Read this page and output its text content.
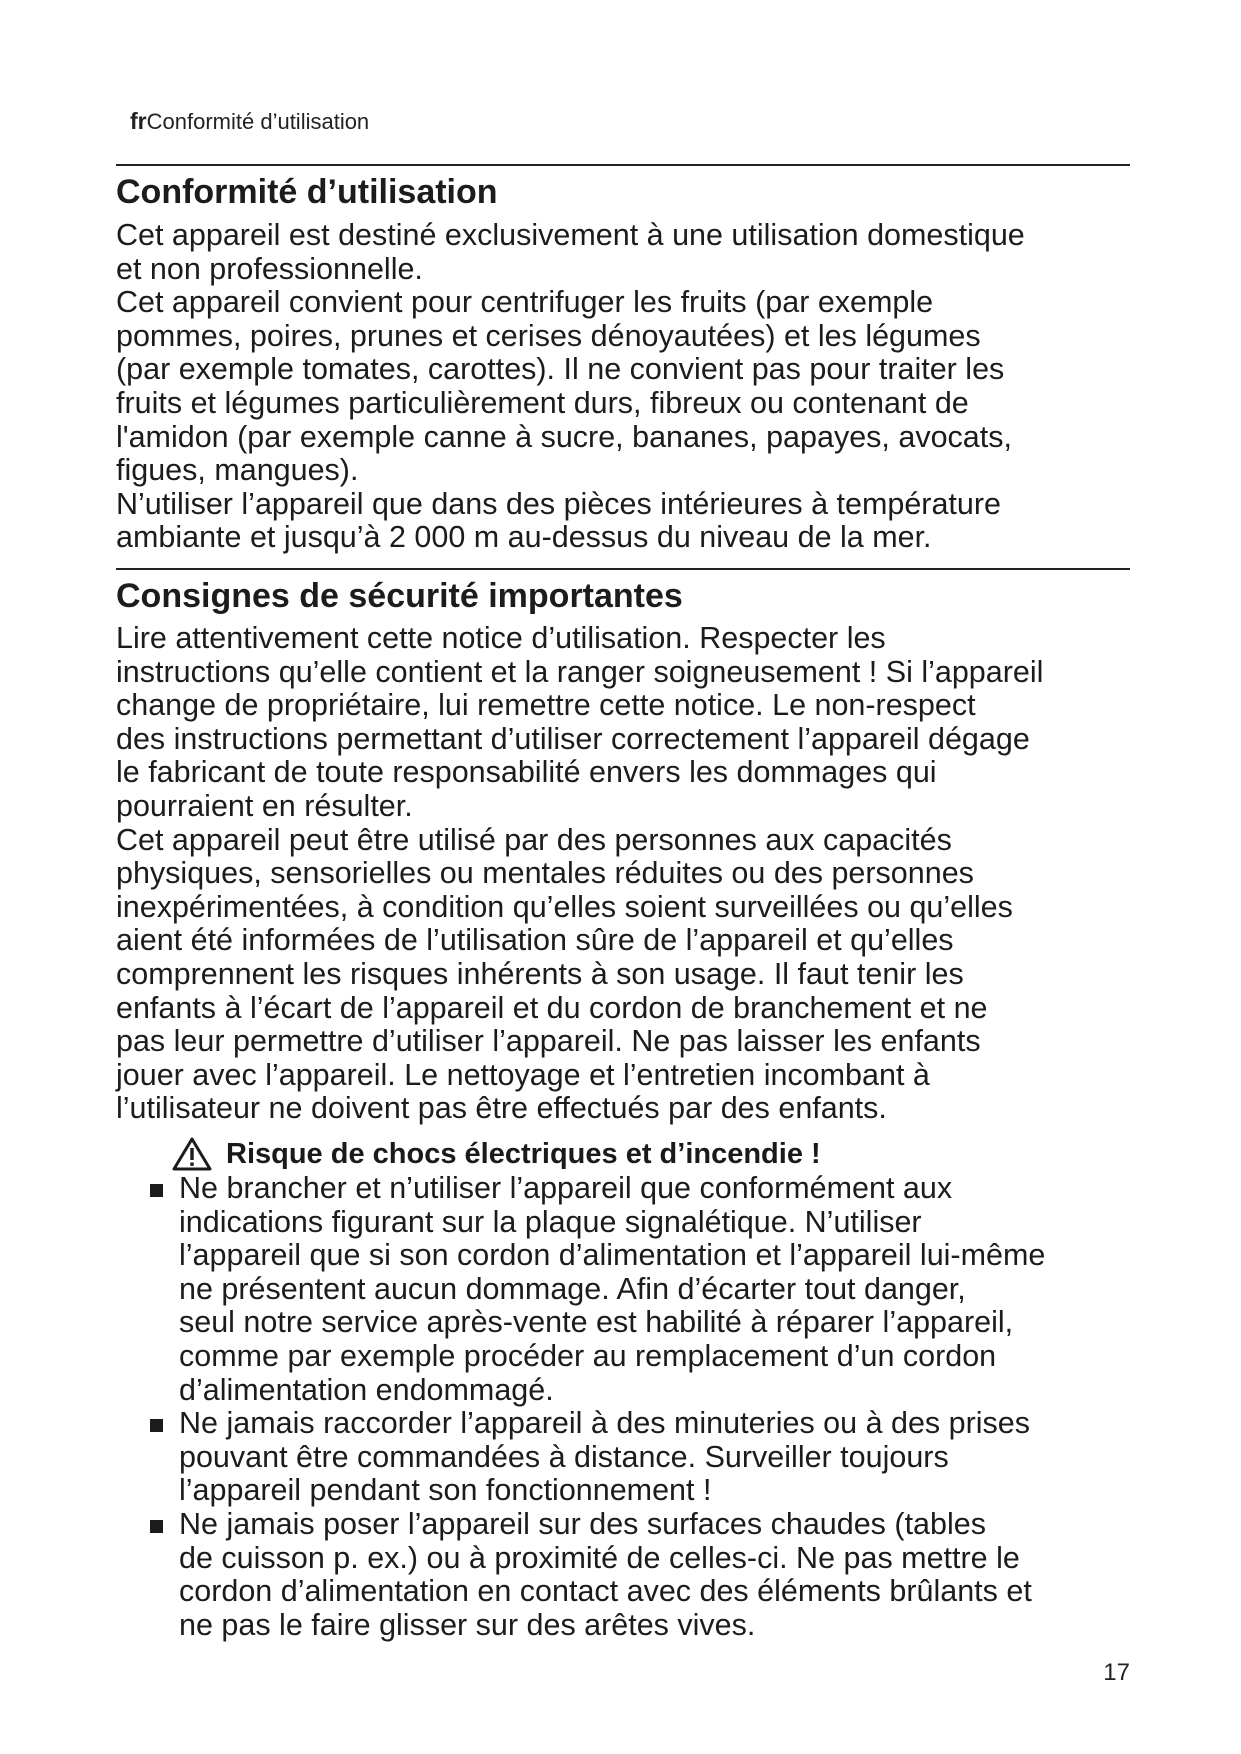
frConformité d’utilisation
Conformité d’utilisation

Cet appareil est destiné exclusivement à une utilisation domestique
et non professionnelle.

Cet appareil convient pour centrifuger les fruits (par exemple
pommes, poires, prunes et cerises dénoyautées) et les légumes
(par exemple tomates, carottes). Il ne convient pas pour traiter les
fruits et légumes particulièrement durs, fibreux ou contenant de
l'amidon (par exemple canne à sucre, bananes, papayes, avocats,
figues, mangues).

N’utiliser l’appareil que dans des pièces intérieures à température
ambiante et jusqu’à 2 000 m au-dessus du niveau de la mer.

Consignes de sécurité importantes

Lire attentivement cette notice d’utilisation. Respecter les
instructions qu’elle contient et la ranger soigneusement ! Si l’appareil
change de propriétaire, lui remettre cette notice. Le non-respect
des instructions permettant d’utiliser correctement l’appareil dégage
le fabricant de toute responsabilité envers les dommages qui
pourraient en résulter.

Cet appareil peut être utilisé par des personnes aux capacités
physiques, sensorielles ou mentales réduites ou des personnes
inexpérimentées, à condition qu’elles soient surveillées ou qu’elles
aient été informées de l’utilisation sûre de l’appareil et qu’elles
comprennent les risques inhérents à son usage. Il faut tenir les
enfants à l’écart de l’appareil et du cordon de branchement et ne
pas leur permettre d’utiliser l’appareil. Ne pas laisser les enfants
jouer avec l’appareil. Le nettoyage et l’entretien incombant à
l’utilisateur ne doivent pas être effectués par des enfants.

Risque de chocs électriques et d’incendie !

Ne brancher et n’utiliser l’appareil que conformément aux
indications figurant sur la plaque signalétique. N’utiliser
l’appareil que si son cordon d’alimentation et l’appareil lui-même
ne présentent aucun dommage. Afin d’écarter tout danger,
seul notre service après-vente est habilité à réparer l’appareil,
comme par exemple procéder au remplacement d’un cordon
d’alimentation endommagé.

Ne jamais raccorder l’appareil à des minuteries ou à des prises
pouvant être commandées à distance. Surveiller toujours
l’appareil pendant son fonctionnement !

Ne jamais poser l’appareil sur des surfaces chaudes (tables
de cuisson p. ex.) ou à proximité de celles-ci. Ne pas mettre le
cordon d’alimentation en contact avec des éléments brûlants et
ne pas le faire glisser sur des arêtes vives.

17
